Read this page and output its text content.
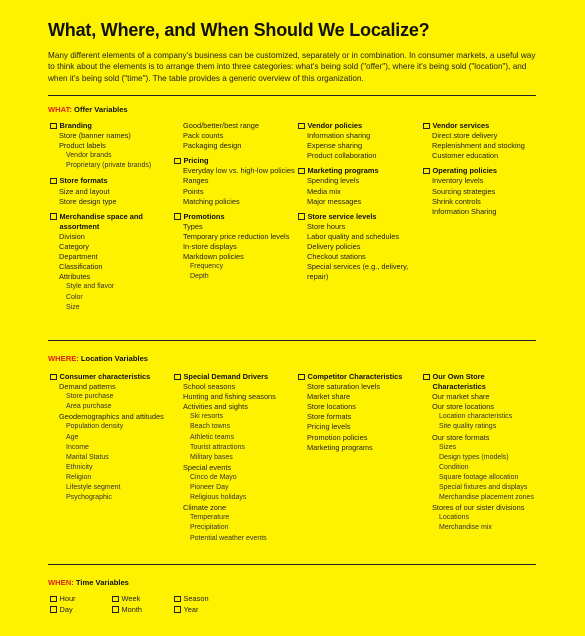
What, Where, and When Should We Localize?
Many different elements of a company's business can be customized, separately or in combination. In consumer markets, a useful way to think about the elements is to arrange them into three categories: what's being sold ("offer"), where it's being sold ("location"), and when it's being sold ("time"). The table provides a generic overview of this organization.
WHAT: Offer Variables
Branding
Store (banner names)
Product labels
Vendor brands
Proprietary (private brands)
Store formats
Size and layout
Store design type
Merchandise space and assortment
Division
Category
Department
Classification
Attributes
Style and flavor
Color
Size
Good/better/best range
Pack counts
Packaging design
Pricing
Everyday low vs. high-low policies
Ranges
Points
Matching policies
Promotions
Types
Temporary price reduction levels
In-store displays
Markdown policies
Frequency
Depth
Vendor policies
Information sharing
Expense sharing
Product collaboration
Marketing programs
Spending levels
Media mix
Major messages
Store service levels
Store hours
Labor quality and schedules
Delivery policies
Checkout stations
Special services (e.g., delivery, repair)
Vendor services
Direct store delivery
Replenishment and stocking
Customer education
Operating policies
Inventory levels
Sourcing strategies
Shrink controls
Information Sharing
WHERE: Location Variables
Consumer characteristics
Demand patterns
Store purchase
Area purchase
Geodemographics and attitudes
Population density
Age
Income
Marital Status
Ethnicity
Religion
Lifestyle segment
Psychographic
Special Demand Drivers
School seasons
Hunting and fishing seasons
Activities and sights
Ski resorts
Beach towns
Athletic teams
Tourist attractions
Military bases
Special events
Cinco de Mayo
Pioneer Day
Religious holidays
Climate zone
Temperature
Precipitation
Potential weather events
Competitor Characteristics
Store saturation levels
Market share
Store locations
Store formats
Pricing levels
Promotion policies
Marketing programs
Our Own Store Characteristics
Our market share
Our store locations
Location characteristics
Site quality ratings
Our store formats
Sizes
Design types (models)
Condition
Square footage allocation
Special fixtures and displays
Merchandise placement zones
Stores of our sister divisions
Locations
Merchandise mix
WHEN: Time Variables
Hour	Week	Season
Day	Month	Year
